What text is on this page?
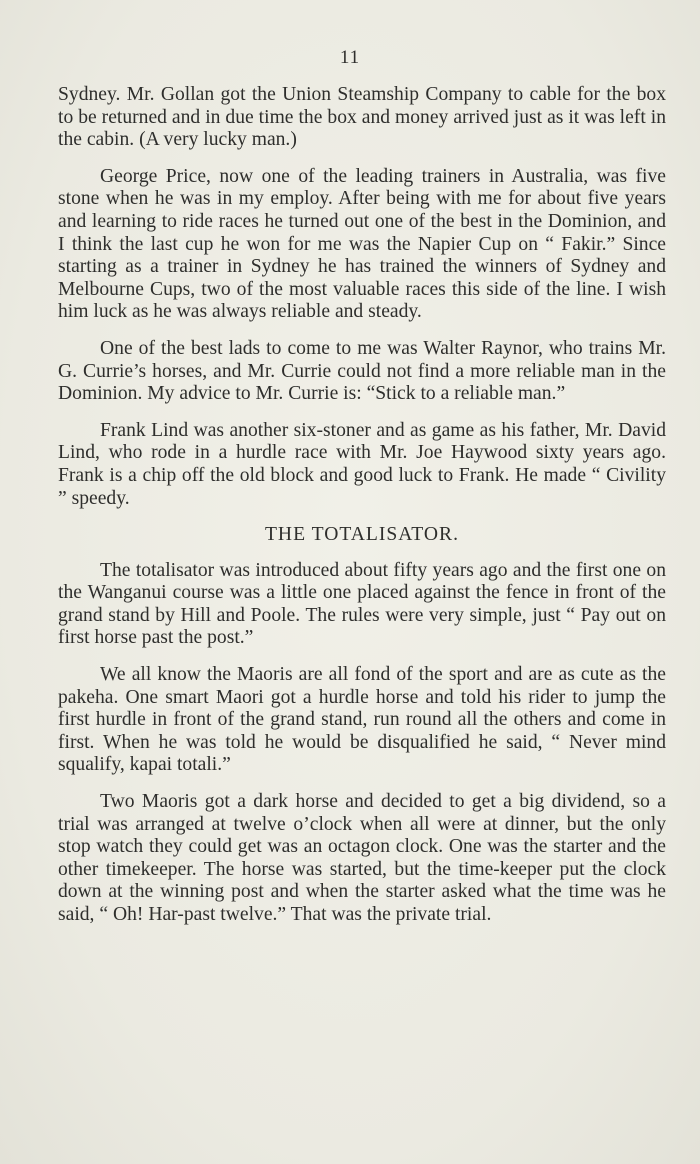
11

Sydney. Mr. Gollan got the Union Steamship Company to cable for the box to be returned and in due time the box and money arrived just as it was left in the cabin. (A very lucky man.)

George Price, now one of the leading trainers in Australia, was five stone when he was in my employ. After being with me for about five years and learning to ride races he turned out one of the best in the Dominion, and I think the last cup he won for me was the Napier Cup on “ Fakir.” Since starting as a trainer in Sydney he has trained the winners of Sydney and Melbourne Cups, two of the most valuable races this side of the line. I wish him luck as he was always reliable and steady.

One of the best lads to come to me was Walter Raynor, who trains Mr. G. Currie’s horses, and Mr. Currie could not find a more reliable man in the Dominion. My advice to Mr. Currie is: “Stick to a reliable man.”

Frank Lind was another six-stoner and as game as his father, Mr. David Lind, who rode in a hurdle race with Mr. Joe Haywood sixty years ago. Frank is a chip off the old block and good luck to Frank. He made “ Civility ” speedy.

THE TOTALISATOR.

The totalisator was introduced about fifty years ago and the first one on the Wanganui course was a little one placed against the fence in front of the grand stand by Hill and Poole. The rules were very simple, just “ Pay out on first horse past the post.”

We all know the Maoris are all fond of the sport and are as cute as the pakeha. One smart Maori got a hurdle horse and told his rider to jump the first hurdle in front of the grand stand, run round all the others and come in first. When he was told he would be disqualified he said, “ Never mind squalify, kapai totali.”

Two Maoris got a dark horse and decided to get a big dividend, so a trial was arranged at twelve o’clock when all were at dinner, but the only stop watch they could get was an octagon clock. One was the starter and the other timekeeper. The horse was started, but the time-keeper put the clock down at the winning post and when the starter asked what the time was he said, “ Oh! Har-past twelve.” That was the private trial.
